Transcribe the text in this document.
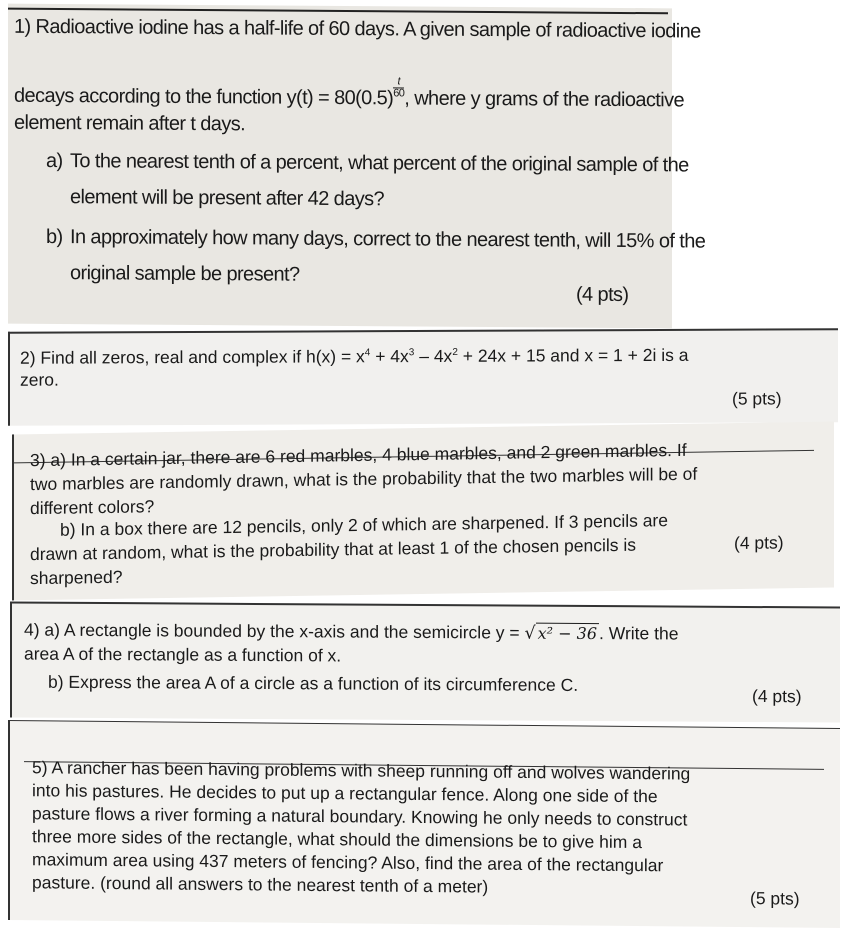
1) Radioactive iodine has a half-life of 60 days. A given sample of radioactive iodine
decays according to the function $y(t) = 80(0.5) \frac{t}{60}$ , where y grams of the radioactive
element remain after t days.
a) To the nearest tenth of a percent, what percent of the original sample of the
element will be present after 42 days?
b) In approximately how many days, correct to the nearest tenth, will 15% of the
original sample be present?
(4 pts)
2) Find all zeros, real and complex if $h(x) = x^4 + 4x^3 - 4x^2 + 24x + 15$ and x = 1 + 2i is a
zero.
(5 pts)
3) a) In a certain jar, there are 6 red marbles, 4 blue marbles, and 2 green marbles. If
two marbles are randomly drawn, what is the probability that the two marbles will be of
different colors?
b) In a box there are 12 pencils, only 2 of which are sharpened. If 3 pencils are
drawn at random, what is the probability that at least 1 of the chosen pencils is
sharpened?
(4 pts)
4) a) A rectangle is bounded by the x-axis and the semicircle y = √ x² − 36 . Write the
area A of the rectangle as a function of x.
b) Express the area A of a circle as a function of its circumference C.
(4 pts)
5) A rancher has been having problems with sheep running off and wolves wandering
into his pastures. He decides to put up a rectangular fence. Along one side of the
pasture flows a river forming a natural boundary. Knowing he only needs to construct
three more sides of the rectangle, what should the dimensions be to give him a
maximum area using 437 meters of fencing? Also, find the area of the rectangular
pasture. (round all answers to the nearest tenth of a meter)
(5 pts)
